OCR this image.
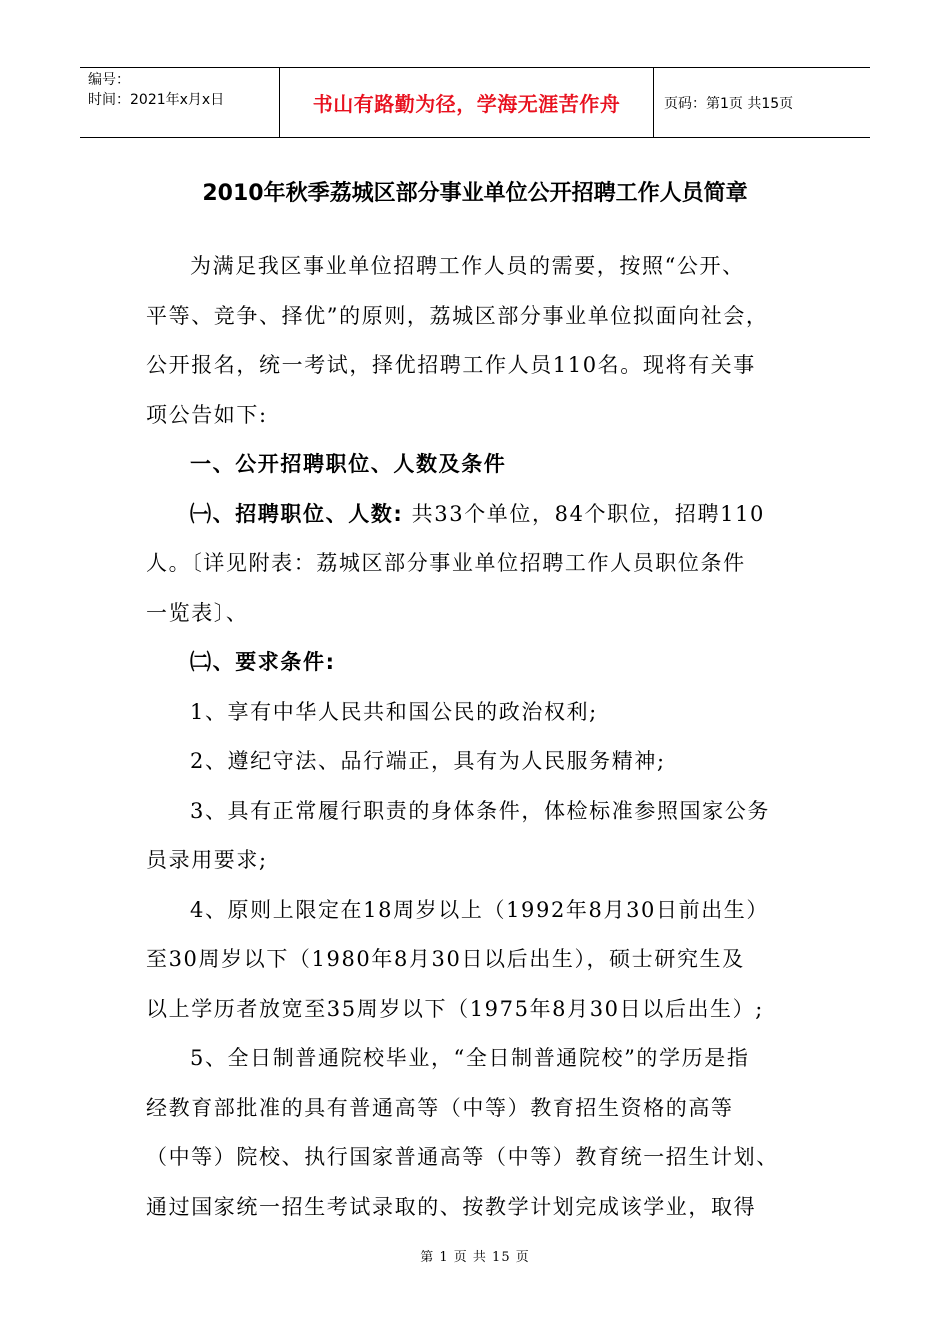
编号：
时间：2021年x月x日	书山有路勤为径，学海无涯苦作舟	页码：第1页 共15页
2010年秋季荔城区部分事业单位公开招聘工作人员简章
为满足我区事业单位招聘工作人员的需要，按照“公开、
平等、竞争、择优”的原则，荔城区部分事业单位拟面向社会，
公开报名，统一考试，择优招聘工作人员110名。现将有关事
项公告如下:
一、公开招聘职位、人数及条件
㈠、招聘职位、人数: 共33个单位，84个职位，招聘110
人。〔详见附表：荔城区部分事业单位招聘工作人员职位条件
一览表〕、
㈡、要求条件:
1、享有中华人民共和国公民的政治权利;
2、遵纪守法、品行端正，具有为人民服务精神;
3、具有正常履行职责的身体条件，体检标准参照国家公务
员录用要求;
4、原则上限定在18周岁以上（1992年8月30日前出生）
至30周岁以下（1980年8月30日以后出生），硕士研究生及
以上学历者放宽至35周岁以下（1975年8月30日以后出生）;
5、全日制普通院校毕业，“全日制普通院校”的学历是指
经教育部批准的具有普通高等（中等）教育招生资格的高等
（中等）院校、执行国家普通高等（中等）教育统一招生计划、
通过国家统一招生考试录取的、按教学计划完成该学业，取得
第 1 页 共 15 页
